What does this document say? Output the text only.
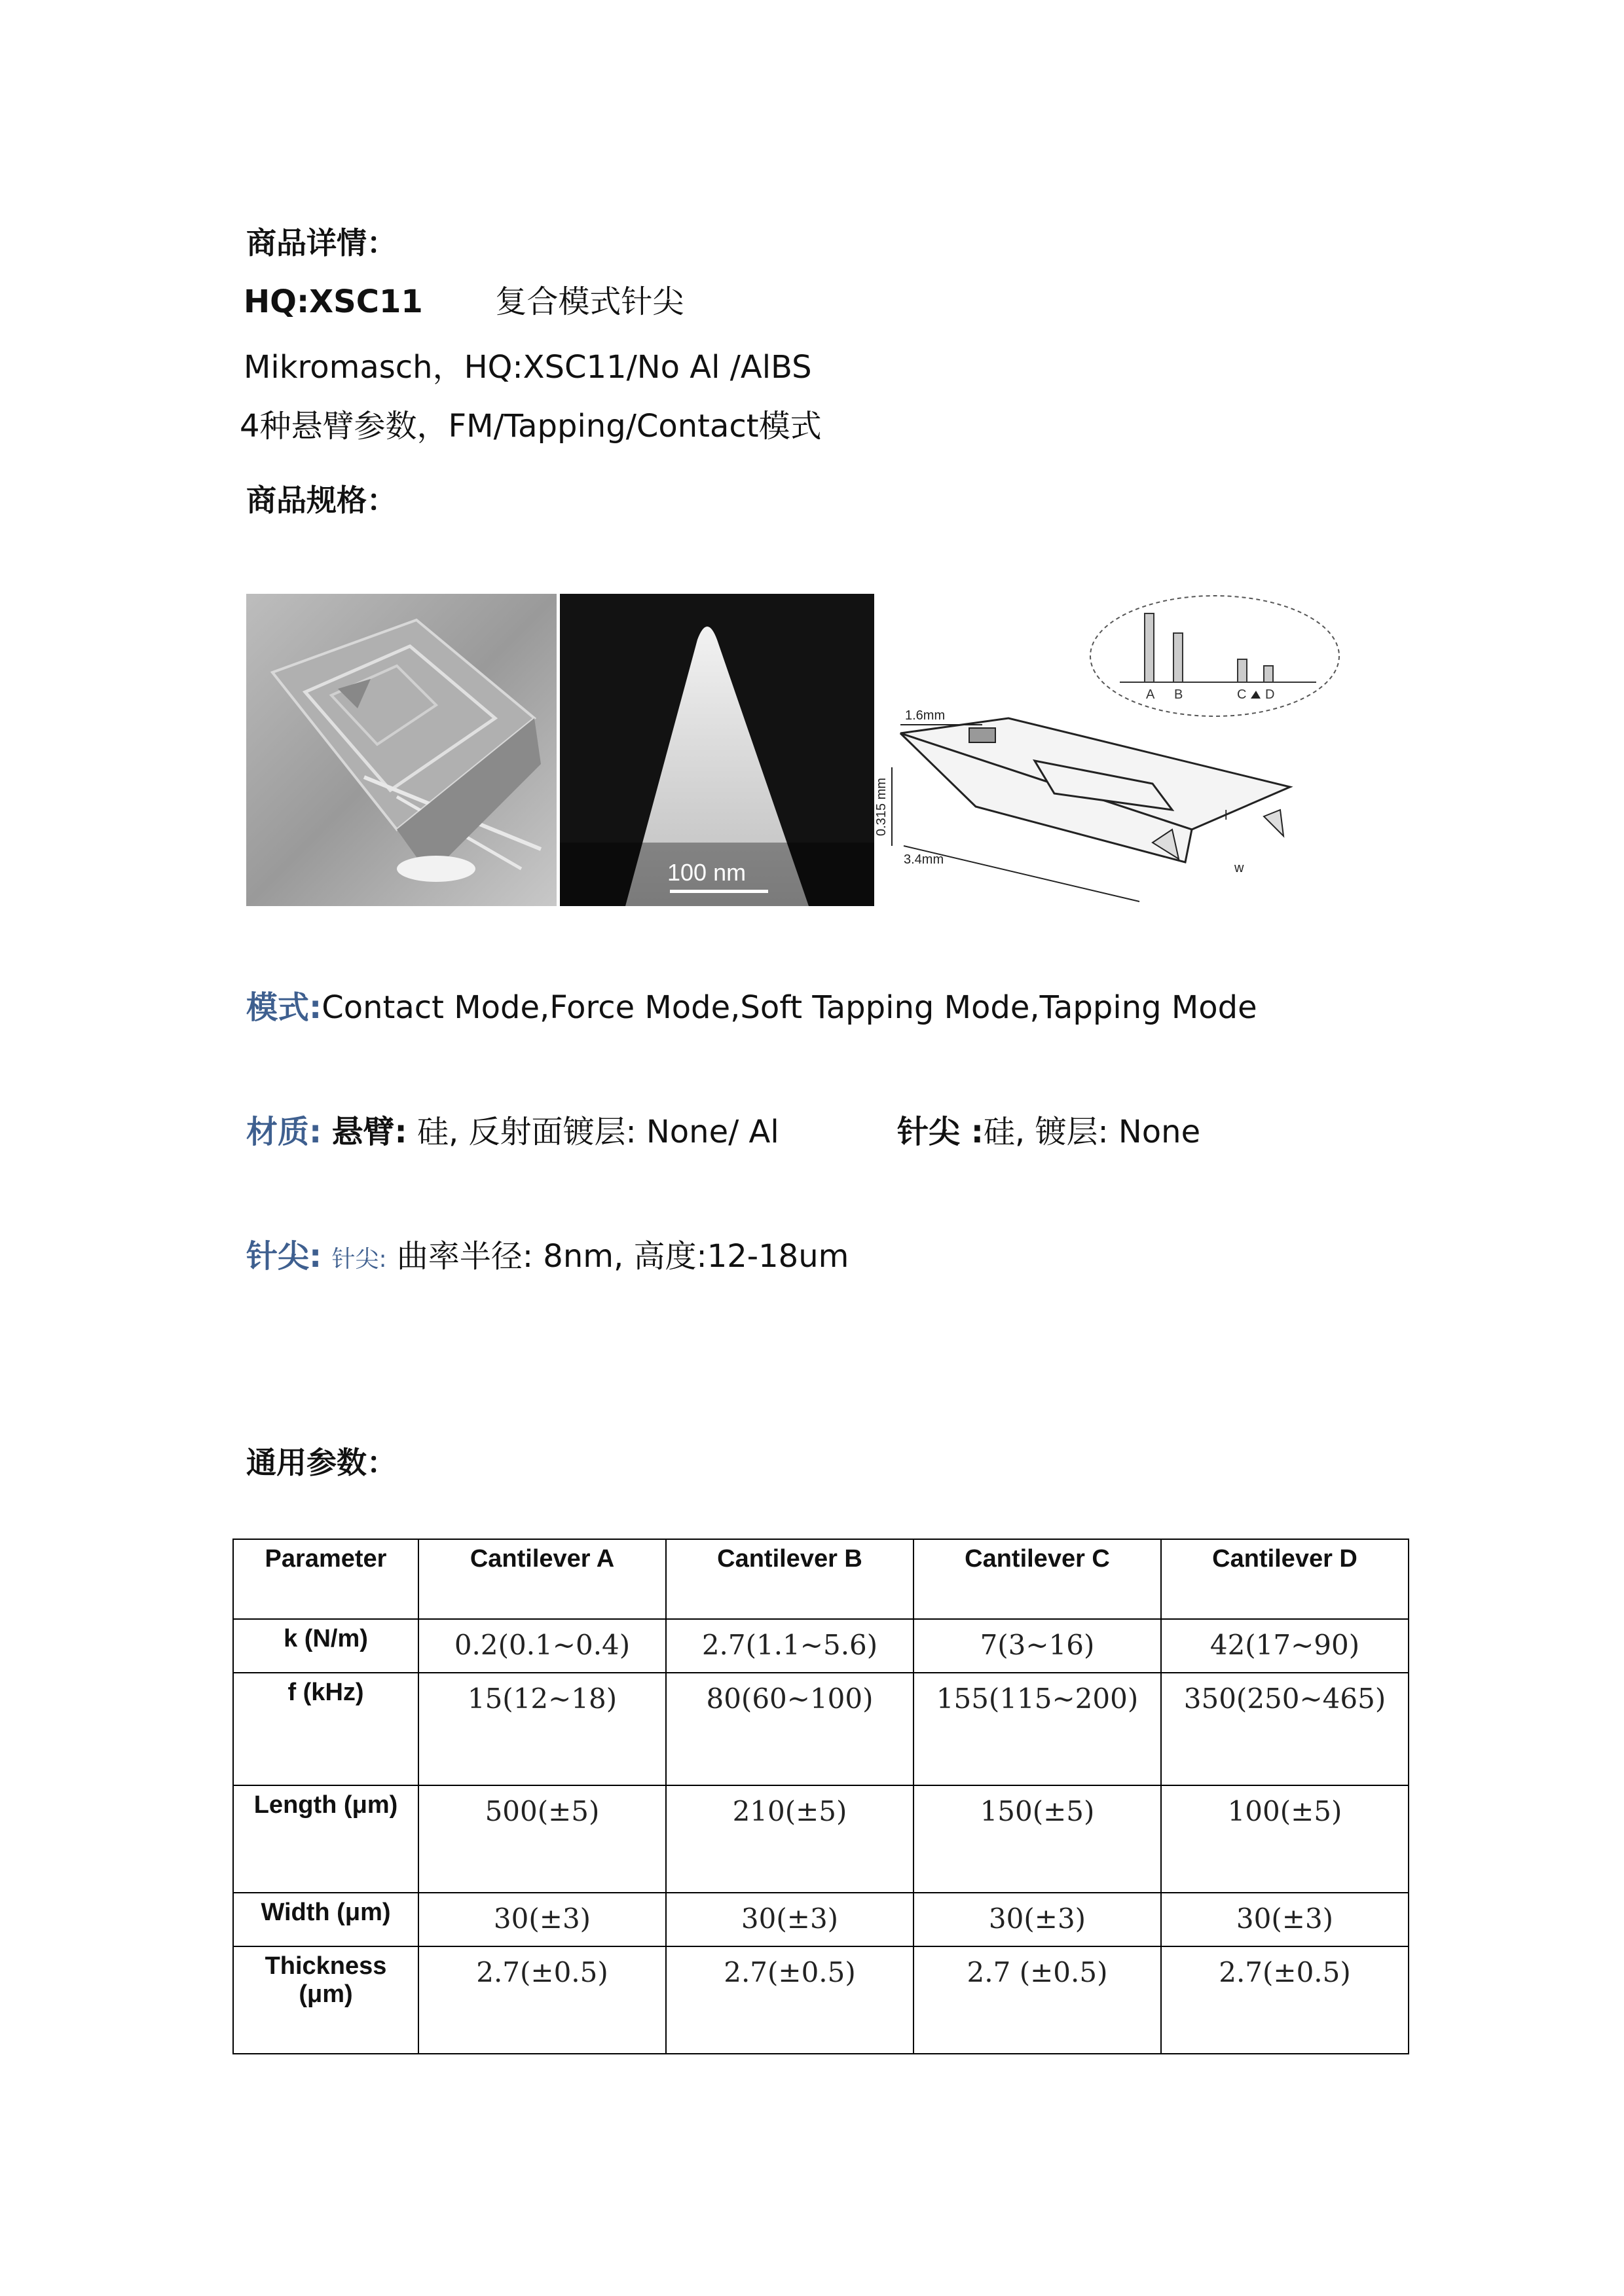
商品详情：
HQ:XSC11 复合模式针尖
Mikromasch，HQ:XSC11/No Al /AlBS
4种悬臂参数，FM/Tapping/Contact模式
商品规格：
100 nm
A B	C D
1.6mm
0.315 mm
3.4mm
w
l
模式:Contact Mode,Force Mode,Soft Tapping Mode,Tapping Mode
材质: 悬臂: 硅, 反射面镀层: None/ Al	针尖 :硅, 镀层: None
针尖: 针尖: 曲率半径: 8nm, 高度:12-18um
通用参数：
Parameter	Cantilever A	Cantilever B	Cantilever C	Cantilever D
k (N/m)	0.2(0.1~0.4)	2.7(1.1~5.6)	7(3~16)	42(17~90)
f (kHz)	15(12~18)	80(60~100)	155(115~200)	350(250~465)
Length (μm)	500(±5)	210(±5)	150(±5)	100(±5)
Width (μm)	30(±3)	30(±3)	30(±3)	30(±3)
Thickness (μm)	2.7(±0.5)	2.7(±0.5)	2.7 (±0.5)	2.7(±0.5)
